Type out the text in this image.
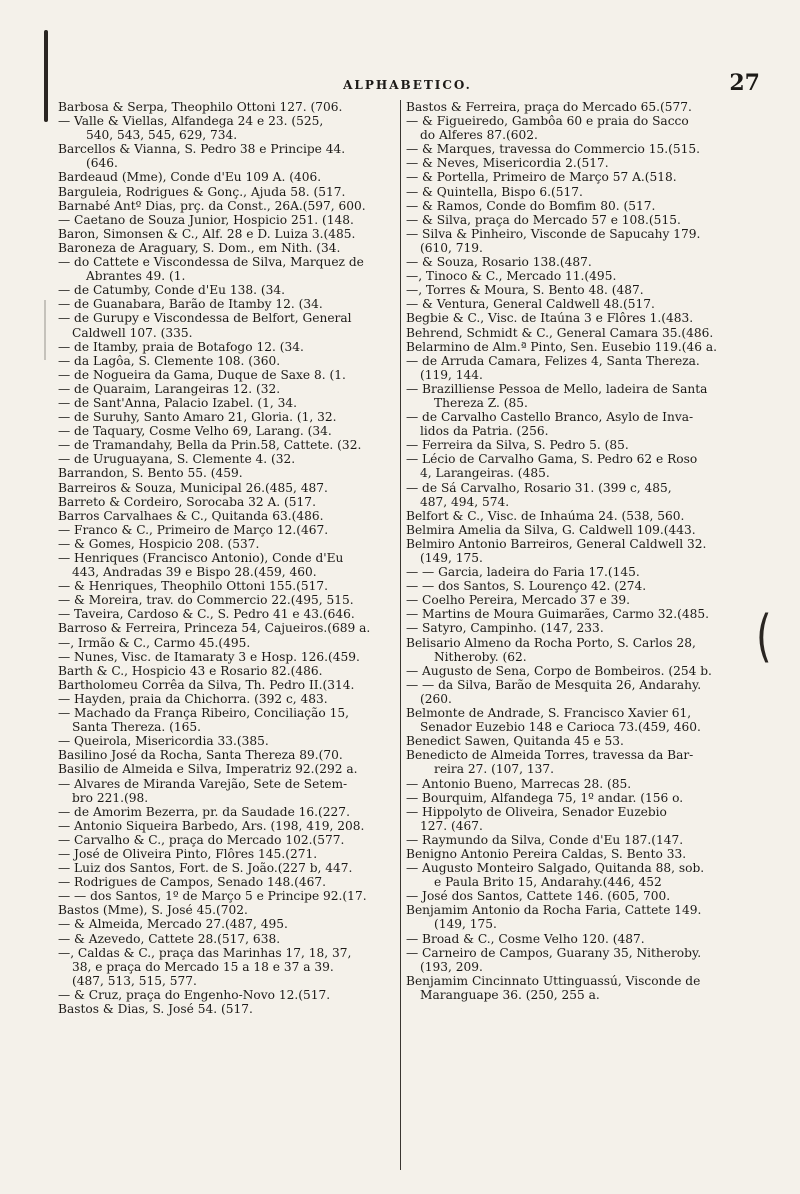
ALPHABETICO.	27
Barbosa & Serpa, Theophilo Ottoni 127. (706.
— Valle & Viellas, Alfandega 24 e 23. (525,
540, 543, 545, 629, 734.
Barcellos & Vianna, S. Pedro 38 e Principe 44.
(646.
Bardeaud (Mme), Conde d'Eu 109 A. (406.
Barguleia, Rodrigues & Gonç., Ajuda 58. (517.
Barnabé Antº Dias, prç. da Const., 26A.(597, 600.
— Caetano de Souza Junior, Hospicio 251. (148.
Baron, Simonsen & C., Alf. 28 e D. Luiza 3.(485.
Baroneza de Araguary, S. Dom., em Nith. (34.
— do Cattete e Viscondessa de Silva, Marquez de
Abrantes 49. (1.
— de Catumby, Conde d'Eu 138. (34.
— de Guanabara, Barão de Itamby 12. (34.
— de Gurupy e Viscondessa de Belfort, General
Caldwell 107. (335.
— de Itamby, praia de Botafogo 12. (34.
— da Lagôa, S. Clemente 108. (360.
— de Nogueira da Gama, Duque de Saxe 8. (1.
— de Quaraim, Larangeiras 12. (32.
— de Sant'Anna, Palacio Izabel. (1, 34.
— de Suruhy, Santo Amaro 21, Gloria. (1, 32.
— de Taquary, Cosme Velho 69, Larang. (34.
— de Tramandahy, Bella da Prin.58, Cattete. (32.
— de Uruguayana, S. Clemente 4. (32.
Barrandon, S. Bento 55. (459.
Barreiros & Souza, Municipal 26.(485, 487.
Barreto & Cordeiro, Sorocaba 32 A. (517.
Barros Carvalhaes & C., Quitanda 63.(486.
— Franco & C., Primeiro de Março 12.(467.
— & Gomes, Hospicio 208. (537.
— Henriques (Francisco Antonio), Conde d'Eu
443, Andradas 39 e Bispo 28.(459, 460.
— & Henriques, Theophilo Ottoni 155.(517.
— & Moreira, trav. do Commercio 22.(495, 515.
— Taveira, Cardoso & C., S. Pedro 41 e 43.(646.
Barroso & Ferreira, Princeza 54, Cajueiros.(689 a.
—, Irmão & C., Carmo 45.(495.
— Nunes, Visc. de Itamaraty 3 e Hosp. 126.(459.
Barth & C., Hospicio 43 e Rosario 82.(486.
Bartholomeu Corrêa da Silva, Th. Pedro II.(314.
— Hayden, praia da Chichorra. (392 c, 483.
— Machado da França Ribeiro, Conciliação 15,
Santa Thereza. (165.
— Queirola, Misericordia 33.(385.
Basilino José da Rocha, Santa Thereza 89.(70.
Basilio de Almeida e Silva, Imperatriz 92.(292 a.
— Alvares de Miranda Varejão, Sete de Setem-
bro 221.(98.
— de Amorim Bezerra, pr. da Saudade 16.(227.
— Antonio Siqueira Barbedo, Ars. (198, 419, 208.
— Carvalho & C., praça do Mercado 102.(577.
— José de Oliveira Pinto, Flôres 145.(271.
— Luiz dos Santos, Fort. de S. João.(227 b, 447.
— Rodrigues de Campos, Senado 148.(467.
— — dos Santos, 1º de Março 5 e Principe 92.(17.
Bastos (Mme), S. José 45.(702.
— & Almeida, Mercado 27.(487, 495.
— & Azevedo, Cattete 28.(517, 638.
—, Caldas & C., praça das Marinhas 17, 18, 37,
38, e praça do Mercado 15 a 18 e 37 a 39.
(487, 513, 515, 577.
— & Cruz, praça do Engenho-Novo 12.(517.
Bastos & Dias, S. José 54. (517.
Bastos & Ferreira, praça do Mercado 65.(577.
— & Figueiredo, Gambôa 60 e praia do Sacco
do Alferes 87.(602.
— & Marques, travessa do Commercio 15.(515.
— & Neves, Misericordia 2.(517.
— & Portella, Primeiro de Março 57 A.(518.
— & Quintella, Bispo 6.(517.
— & Ramos, Conde do Bomfim 80. (517.
— & Silva, praça do Mercado 57 e 108.(515.
— Silva & Pinheiro, Visconde de Sapucahy 179.
(610, 719.
— & Souza, Rosario 138.(487.
—, Tinoco & C., Mercado 11.(495.
—, Torres & Moura, S. Bento 48. (487.
— & Ventura, General Caldwell 48.(517.
Begbie & C., Visc. de Itaúna 3 e Flôres 1.(483.
Behrend, Schmidt & C., General Camara 35.(486.
Belarmino de Alm.ª Pinto, Sen. Eusebio 119.(46 a.
— de Arruda Camara, Felizes 4, Santa Thereza.
(119, 144.
— Brazilliense Pessoa de Mello, ladeira de Santa
Thereza Z. (85.
— de Carvalho Castello Branco, Asylo de Inva-
lidos da Patria. (256.
— Ferreira da Silva, S. Pedro 5. (85.
— Lécio de Carvalho Gama, S. Pedro 62 e Roso
4, Larangeiras. (485.
— de Sá Carvalho, Rosario 31. (399 c, 485,
487, 494, 574.
Belfort & C., Visc. de Inhaúma 24. (538, 560.
Belmira Amelia da Silva, G. Caldwell 109.(443.
Belmiro Antonio Barreiros, General Caldwell 32.
(149, 175.
— — Garcia, ladeira do Faria 17.(145.
— — dos Santos, S. Lourenço 42. (274.
— Coelho Pereira, Mercado 37 e 39.
— Martins de Moura Guimarães, Carmo 32.(485.
— Satyro, Campinho. (147, 233.
Belisario Almeno da Rocha Porto, S. Carlos 28,
Nitheroby. (62.
— Augusto de Sena, Corpo de Bombeiros. (254 b.
— — da Silva, Barão de Mesquita 26, Andarahy.
(260.
Belmonte de Andrade, S. Francisco Xavier 61,
Senador Euzebio 148 e Carioca 73.(459, 460.
Benedict Sawen, Quitanda 45 e 53.
Benedicto de Almeida Torres, travessa da Bar-
reira 27. (107, 137.
— Antonio Bueno, Marrecas 28. (85.
— Bourquim, Alfandega 75, 1º andar. (156 o.
— Hippolyto de Oliveira, Senador Euzebio
127. (467.
— Raymundo da Silva, Conde d'Eu 187.(147.
Benigno Antonio Pereira Caldas, S. Bento 33.
— Augusto Monteiro Salgado, Quitanda 88, sob.
e Paula Brito 15, Andarahy.(446, 452
— José dos Santos, Cattete 146. (605, 700.
Benjamim Antonio da Rocha Faria, Cattete 149.
(149, 175.
— Broad & C., Cosme Velho 120. (487.
— Carneiro de Campos, Guarany 35, Nitheroby.
(193, 209.
Benjamim Cincinnato Uttinguassú, Visconde de
Maranguape 36. (250, 255 a.
(
